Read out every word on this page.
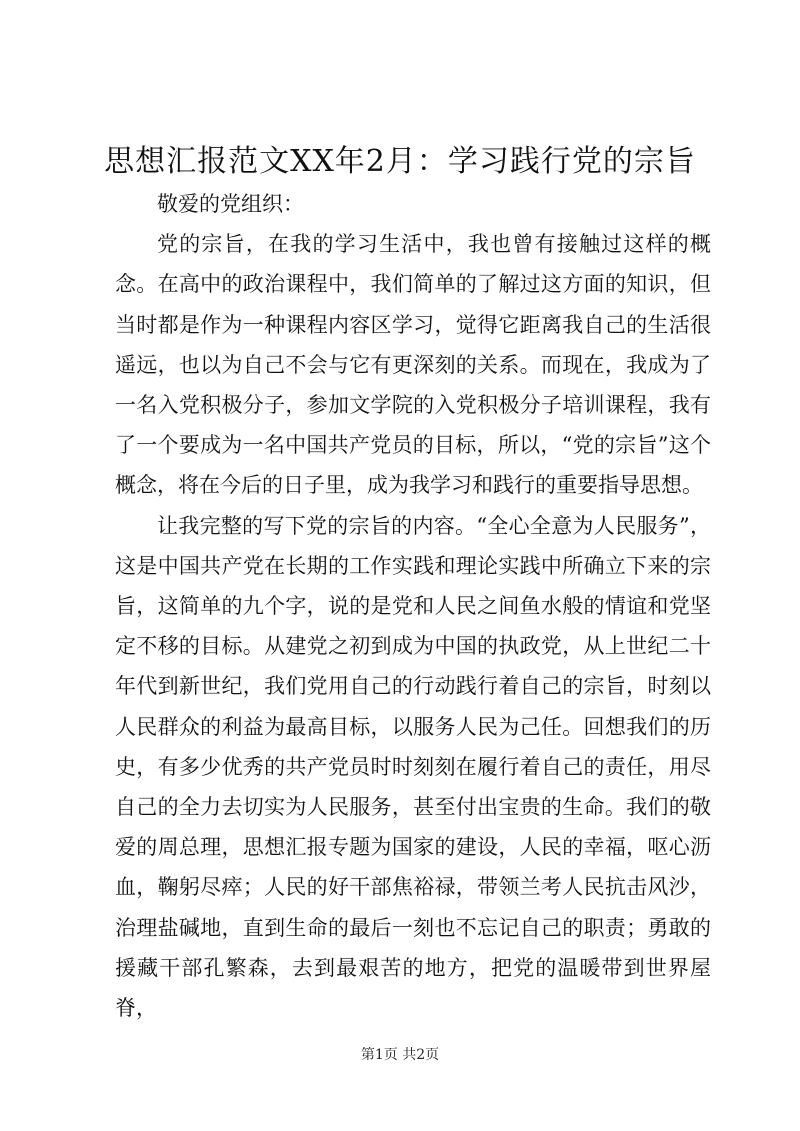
思想汇报范文XX年2月：学习践行党的宗旨

敬爱的党组织：

党的宗旨，在我的学习生活中，我也曾有接触过这样的概念。在高中的政治课程中，我们简单的了解过这方面的知识，但当时都是作为一种课程内容区学习，觉得它距离我自己的生活很遥远，也以为自己不会与它有更深刻的关系。而现在，我成为了一名入党积极分子，参加文学院的入党积极分子培训课程，我有了一个要成为一名中国共产党员的目标，所以，“党的宗旨”这个概念，将在今后的日子里，成为我学习和践行的重要指导思想。

让我完整的写下党的宗旨的内容。“全心全意为人民服务”，这是中国共产党在长期的工作实践和理论实践中所确立下来的宗旨，这简单的九个字，说的是党和人民之间鱼水般的情谊和党坚定不移的目标。从建党之初到成为中国的执政党，从上世纪二十年代到新世纪，我们党用自己的行动践行着自己的宗旨，时刻以人民群众的利益为最高目标，以服务人民为己任。回想我们的历史，有多少优秀的共产党员时时刻刻在履行着自己的责任，用尽自己的全力去切实为人民服务，甚至付出宝贵的生命。我们的敬爱的周总理，思想汇报专题为国家的建设，人民的幸福，呕心沥血，鞠躬尽瘁；人民的好干部焦裕禄，带领兰考人民抗击风沙，治理盐碱地，直到生命的最后一刻也不忘记自己的职责；勇敢的援藏干部孔繁森，去到最艰苦的地方，把党的温暖带到世界屋脊，

第1页 共2页
